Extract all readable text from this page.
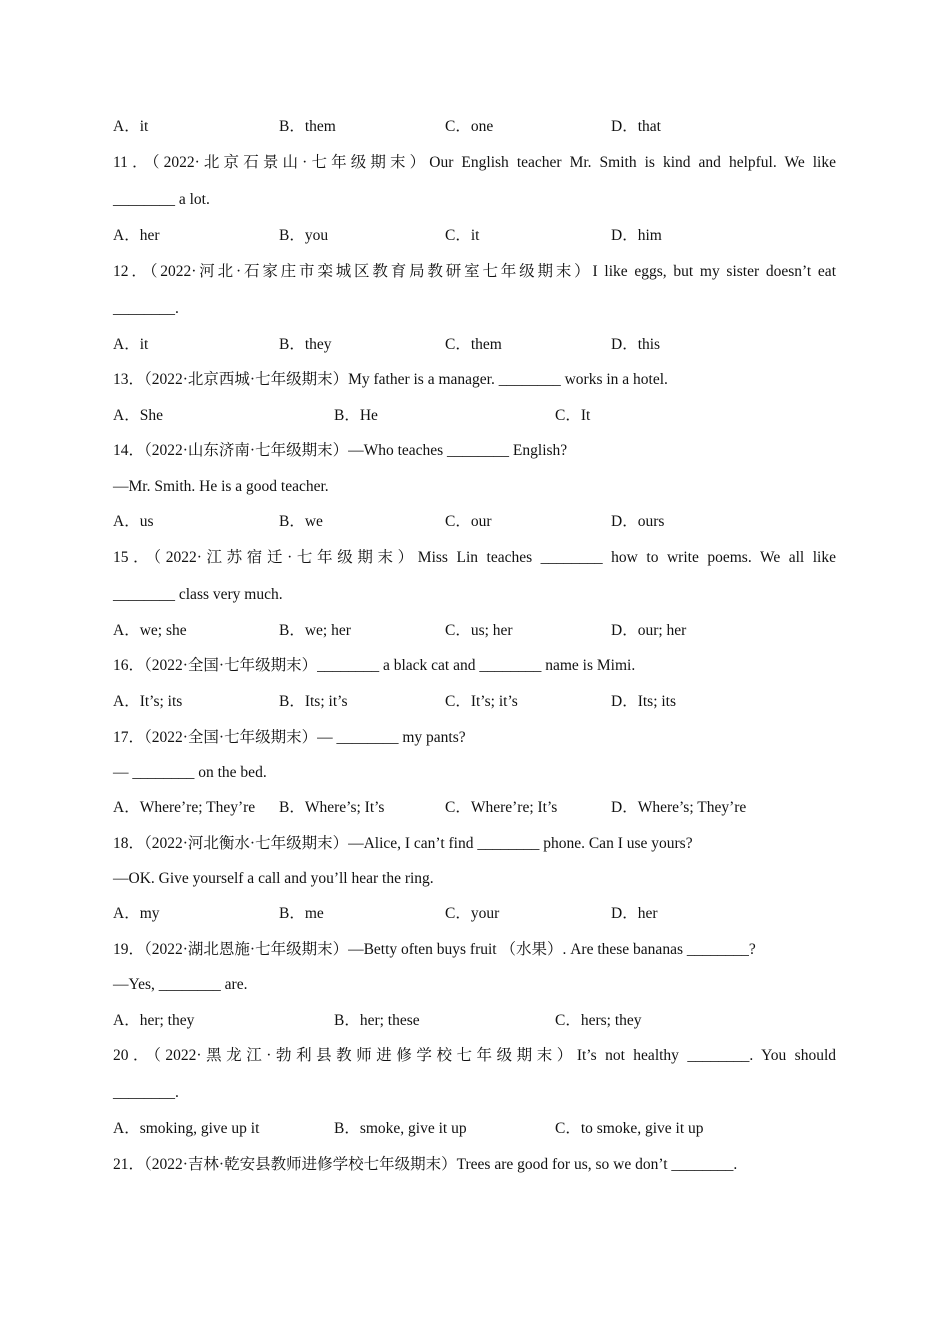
A．it	B．them	C．one	D．that
11．（2022·北京石景山·七年级期末）Our English teacher Mr. Smith is kind and helpful. We like
________ a lot.
A．her	B．you	C．it	D．him
12．（2022·河北·石家庄市栾城区教育局教研室七年级期末）I like eggs, but my sister doesn’t eat
________.
A．it	B．they	C．them	D．this
13．（2022·北京西城·七年级期末）My father is a manager. ________ works in a hotel.
A．She	B．He	C．It
14．（2022·山东济南·七年级期末）—Who teaches ________ English?
—Mr. Smith. He is a good teacher.
A．us	B．we	C．our	D．ours
15．（2022·江苏宿迁·七年级期末）Miss Lin teaches ________ how to write poems. We all like
________ class very much.
A．we; she	B．we; her	C．us; her	D．our; her
16．（2022·全国·七年级期末）________ a black cat and ________ name is Mimi.
A．It’s; its	B．Its; it’s	C．It’s; it’s	D．Its; its
17．（2022·全国·七年级期末）— ________ my pants?
— ________ on the bed.
A．Where’re; They’re B．Where’s; It’s	C．Where’re; It’s	D．Where’s; They’re
18．（2022·河北衡水·七年级期末）—Alice, I can’t find ________ phone. Can I use yours?
—OK. Give yourself a call and you’ll hear the ring.
A．my	B．me	C．your	D．her
19．（2022·湖北恩施·七年级期末）—Betty often buys fruit （水果）. Are these bananas ________?
—Yes, ________ are.
A．her; they	B．her; these	C．hers; they
20．（2022·黑龙江·勃利县教师进修学校七年级期末）It’s not healthy ________. You should
________.
A．smoking, give up it	B．smoke, give it up	C．to smoke, give it up
21．（2022·吉林·乾安县教师进修学校七年级期末）Trees are good for us, so we don’t ________.
